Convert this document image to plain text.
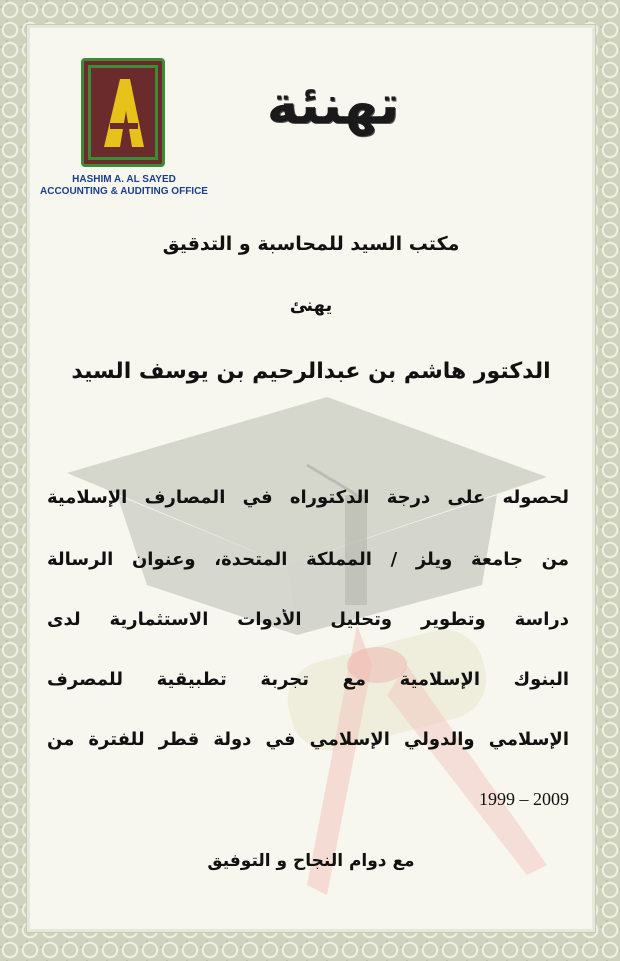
HASHIM A. AL SAYED
ACCOUNTING & AUDITING OFFICE
تهنئة
مكتب السيد للمحاسبة و التدقيق
يهنئ
الدكتور هاشم بن عبدالرحيم بن يوسف السيد
لحصوله على درجة الدكتوراه في المصارف الإسلامية
من جامعة ويلز / المملكة المتحدة، وعنوان الرسالة
دراسة وتطوير وتحليل الأدوات الاستثمارية لدى
البنوك الإسلامية مع تجربة تطبيقية للمصرف
الإسلامي والدولي الإسلامي في دولة قطر للفترة من
1999 – 2009
مع دوام النجاح و التوفيق
